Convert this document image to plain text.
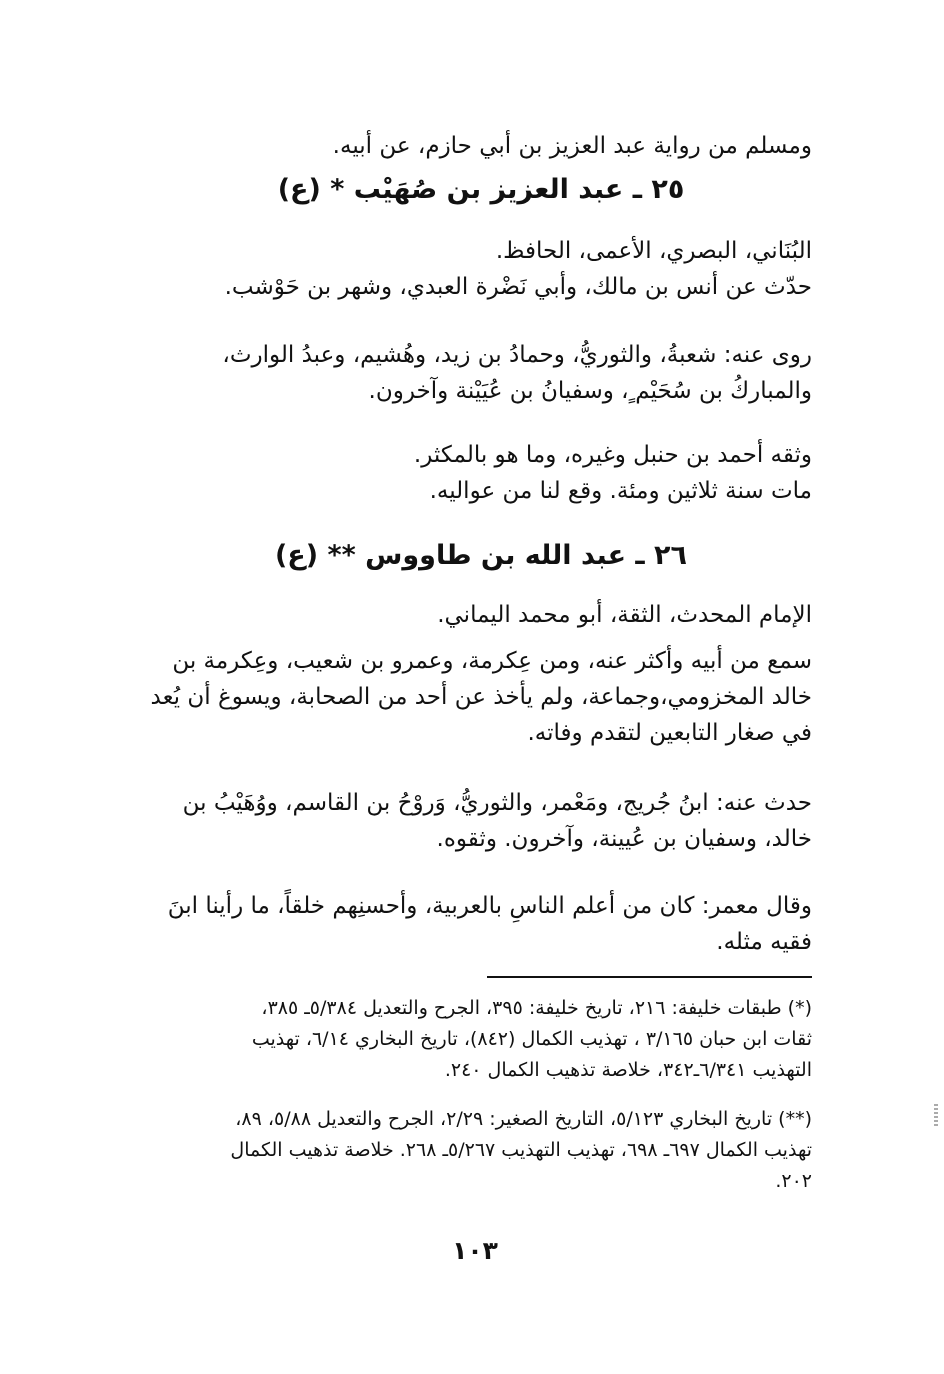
ومسلم من رواية عبد العزيز بن أبي حازم، عن أبيه.
٢٥ ـ عبد العزيز بن صُهَيْب * (ع)
البُنَاني، البصري، الأعمى، الحافظ.
حدّث عن أنس بن مالك، وأبي نَضْرة العبدي، وشهر بن حَوْشب.
روى عنه: شعبةُ، والثوريُّ، وحمادُ بن زيد، وهُشيم، وعبدُ الوارث،
والمباركُ بن سُحَيْم ٍ، وسفيانُ بن عُيَيْنة وآخرون.
وثقه أحمد بن حنبل وغيره، وما هو بالمكثر.
مات سنة ثلاثين ومئة. وقع لنا من عواليه.
٢٦ ـ عبد الله بن طاووس ** (ع)
الإمام المحدث، الثقة، أبو محمد اليماني.
سمع من أبيه وأكثر عنه، ومن عِكرمة، وعمرو بن شعيب، وعِكرمة بن
خالد المخزومي،وجماعة، ولم يأخذ عن أحد من الصحابة، ويسوغ أن يُعد
في صغار التابعين لتقدم وفاته.
حدث عنه: ابنُ جُريج، ومَعْمر، والثوريُّ، وَروْحُ بن القاسم، ووُهَيْبُ بن
خالد، وسفيان بن عُيينة، وآخرون. وثقوه.
وقال معمر: كان من أعلم الناسِ بالعربية، وأحسنِهم خلقاً، ما رأينا ابنَ
فقيه مثله.
(*) طبقات خليفة: ٢١٦، تاريخ خليفة: ٣٩٥، الجرح والتعديل ٥/٣٨٤ـ ٣٨٥،
ثقات ابن حبان ٣/١٦٥ ، تهذيب الكمال (٨٤٢)، تاريخ البخاري ٦/١٤، تهذيب
التهذيب ٦/٣٤١ـ٣٤٢، خلاصة تذهيب الكمال ٢٤٠.
(**) تاريخ البخاري ٥/١٢٣، التاريخ الصغير: ٢/٢٩، الجرح والتعديل ٥/٨٨، ٨٩،
تهذيب الكمال ٦٩٧ـ ٦٩٨، تهذيب التهذيب ٥/٢٦٧ـ ٢٦٨. خلاصة تذهيب الكمال
٢٠٢.
١٠٣
